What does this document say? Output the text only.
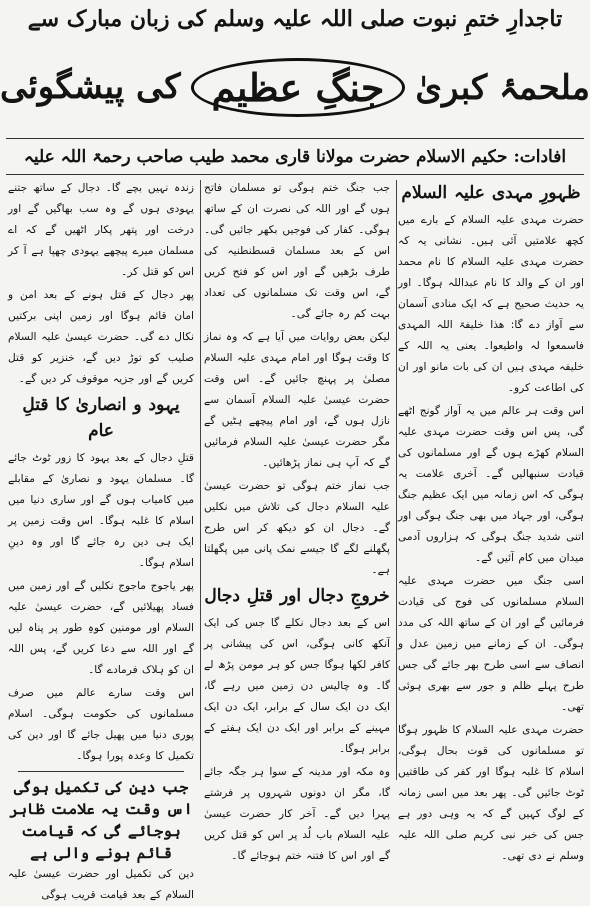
تاجدارِ ختمِ نبوت صلی اللہ علیہ وسلم کی زبان مبارک سے
ملحمۂ کبریٰ
جنگِ عظیم
کی پیشگوئی
افادات: حکیم الاسلام حضرت مولانا قاری محمد طیب صاحب رحمۃ اللہ علیہ
ظہورِ مہدی علیہ السلام

حضرت مہدی علیہ السلام کے بارے میں کچھ علامتیں آئی ہیں۔ نشانی یہ کہ حضرت مہدی علیہ السلام کا نام محمد اور ان کے والد کا نام عبداللہ ہوگا۔ اور یہ حدیث صحیح ہے کہ ایک منادی آسمان سے آواز دے گا: ھذا خلیفۃ اللہ المہدی فاسمعوا لہ واطیعوا۔ یعنی یہ اللہ کے خلیفہ مہدی ہیں ان کی بات مانو اور ان کی اطاعت کرو۔

اس وقت ہر عالم میں یہ آواز گونج اٹھے گی، پس اس وقت حضرت مہدی علیہ السلام کھڑے ہوں گے اور مسلمانوں کی قیادت سنبھالیں گے۔ آخری علامت یہ ہوگی کہ اس زمانہ میں ایک عظیم جنگ ہوگی، اور جہاد میں بھی جنگ ہوگی اور اتنی شدید جنگ ہوگی کہ ہزاروں آدمی میدان میں کام آئیں گے۔

اسی جنگ میں حضرت مہدی علیہ السلام مسلمانوں کی فوج کی قیادت فرمائیں گے اور ان کے ساتھ اللہ کی مدد ہوگی۔ ان کے زمانے میں زمین عدل و انصاف سے اسی طرح بھر جائے گی جس طرح پہلے ظلم و جور سے بھری ہوئی تھی۔

حضرت مہدی علیہ السلام کا ظہور ہوگا تو مسلمانوں کی قوت بحال ہوگی، اسلام کا غلبہ ہوگا اور کفر کی طاقتیں ٹوٹ جائیں گی۔ پھر بعد میں اسی زمانہ کے لوگ کہیں گے کہ یہ وہی دور ہے جس کی خبر نبی کریم صلی اللہ علیہ وسلم نے دی تھی۔

جب جنگ ختم ہوگی تو مسلمان فاتح ہوں گے اور اللہ کی نصرت ان کے ساتھ ہوگی۔ کفار کی فوجیں بکھر جائیں گی۔ اس کے بعد مسلمان قسطنطنیہ کی طرف بڑھیں گے اور اس کو فتح کریں گے، اس وقت تک مسلمانوں کی تعداد بہت کم رہ جائے گی۔

لیکن بعض روایات میں آیا ہے کہ وہ نماز کا وقت ہوگا اور امام مہدی علیہ السلام مصلیٰ پر پہنچ جائیں گے۔ اس وقت حضرت عیسیٰ علیہ السلام آسمان سے نازل ہوں گے، اور امام پیچھے ہٹیں گے مگر حضرت عیسیٰ علیہ السلام فرمائیں گے کہ آپ ہی نماز پڑھائیں۔

جب نماز ختم ہوگی تو حضرت عیسیٰ علیہ السلام دجال کی تلاش میں نکلیں گے۔ دجال ان کو دیکھ کر اس طرح پگھلنے لگے گا جیسے نمک پانی میں پگھلتا ہے۔

خروجِ دجال اور قتلِ دجال

اس کے بعد دجال نکلے گا جس کی ایک آنکھ کانی ہوگی، اس کی پیشانی پر کافر لکھا ہوگا جس کو ہر مومن پڑھ لے گا۔ وہ چالیس دن زمین میں رہے گا، ایک دن ایک سال کے برابر، ایک دن ایک مہینے کے برابر اور ایک دن ایک ہفتے کے برابر ہوگا۔

وہ مکہ اور مدینہ کے سوا ہر جگہ جائے گا، مگر ان دونوں شہروں پر فرشتے پہرا دیں گے۔ آخر کار حضرت عیسیٰ علیہ السلام باب لُد پر اس کو قتل کریں گے اور اس کا فتنہ ختم ہوجائے گا۔

زندہ نہیں بچے گا۔ دجال کے ساتھ جتنے یہودی ہوں گے وہ سب بھاگیں گے اور درخت اور پتھر پکار اٹھیں گے کہ اے مسلمان میرے پیچھے یہودی چھپا ہے آ کر اس کو قتل کر۔

پھر دجال کے قتل ہونے کے بعد امن و امان قائم ہوگا اور زمین اپنی برکتیں نکال دے گی۔ حضرت عیسیٰ علیہ السلام صلیب کو توڑ دیں گے، خنزیر کو قتل کریں گے اور جزیہ موقوف کر دیں گے۔

یہود و انصاریٰ کا قتلِ عام

قتلِ دجال کے بعد یہود کا زور ٹوٹ جائے گا۔ مسلمان یہود و نصاریٰ کے مقابلے میں کامیاب ہوں گے اور ساری دنیا میں اسلام کا غلبہ ہوگا۔ اس وقت زمین پر ایک ہی دین رہ جائے گا اور وہ دینِ اسلام ہوگا۔

پھر یاجوج ماجوج نکلیں گے اور زمین میں فساد پھیلائیں گے، حضرت عیسیٰ علیہ السلام اور مومنین کوہِ طور پر پناہ لیں گے اور اللہ سے دعا کریں گے، پس اللہ ان کو ہلاک فرمادے گا۔

اس وقت سارے عالم میں صرف مسلمانوں کی حکومت ہوگی۔ اسلام پوری دنیا میں پھیل جائے گا اور دین کی تکمیل کا وعدہ پورا ہوگا۔

جب دین کی تکمیل ہوگی اس وقت یہ علامت ظاہر ہوجائے گی کہ قیامت قائم ہونے والی ہے

دین کی تکمیل اور حضرت عیسیٰ علیہ السلام کے بعد قیامت قریب ہوگی
